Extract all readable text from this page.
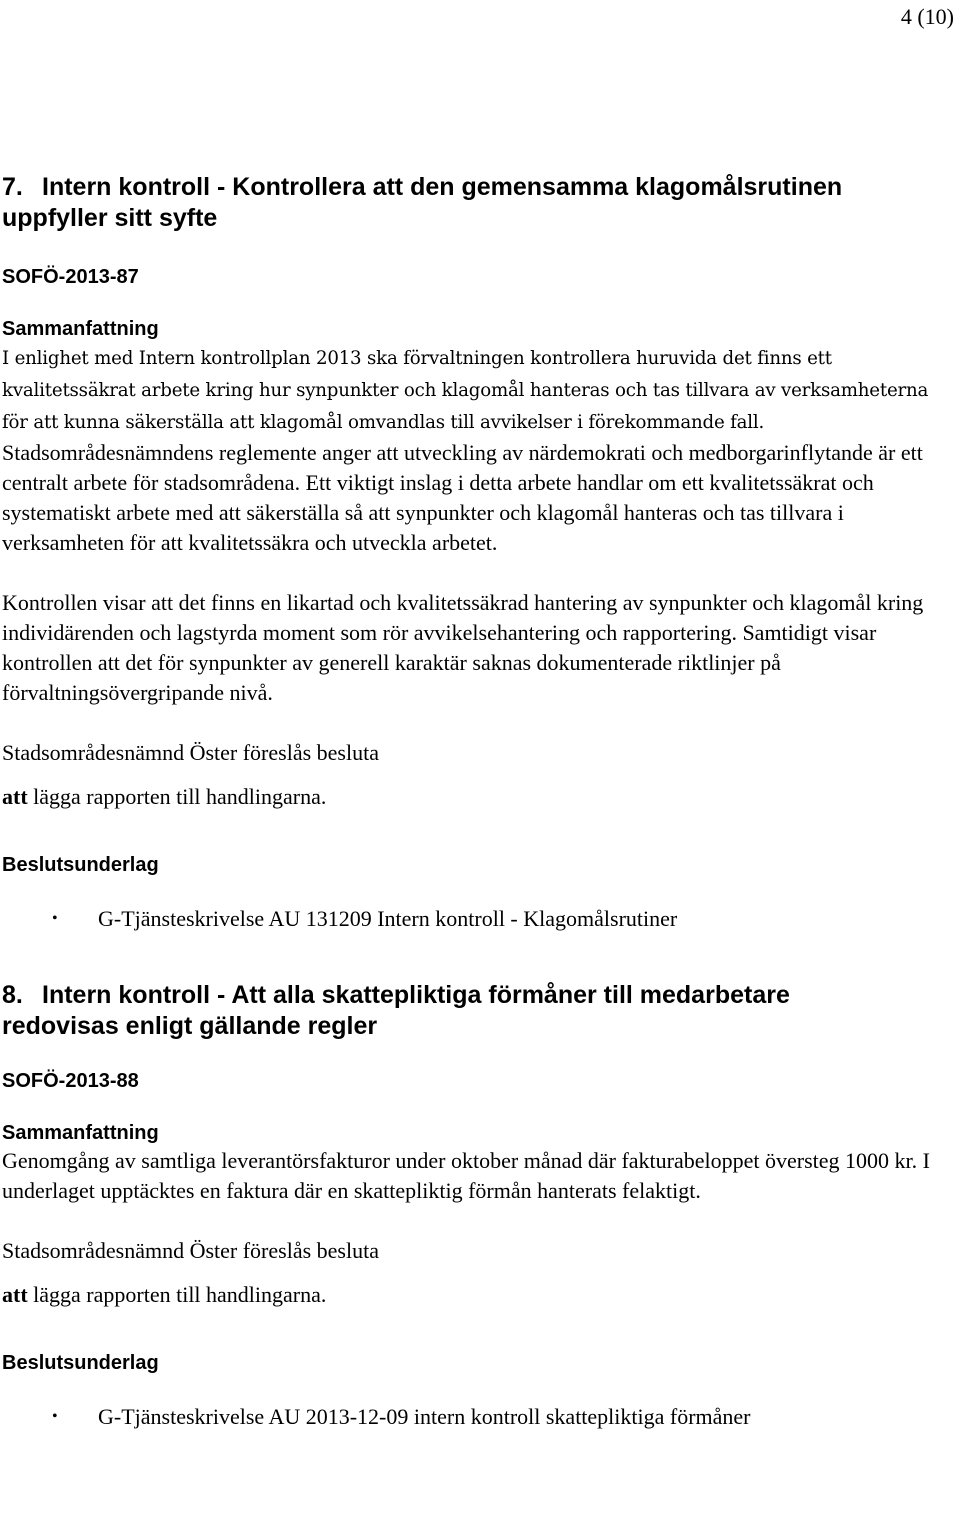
4 (10)
7. Intern kontroll - Kontrollera att den gemensamma klagomålsrutinen
uppfyller sitt syfte

SOFÖ-2013-87

Sammanfattning

I enlighet med Intern kontrollplan 2013 ska förvaltningen kontrollera huruvida det finns ett kvalitetssäkrat arbete kring hur synpunkter och klagomål hanteras och tas tillvara av verksamheterna för att kunna säkerställa att klagomål omvandlas till avvikelser i förekommande fall. Stadsområdesnämndens reglemente anger att utveckling av närdemokrati och medborgarinflytande är ett centralt arbete för stadsområdena. Ett viktigt inslag i detta arbete handlar om ett kvalitetssäkrat och systematiskt arbete med att säkerställa så att synpunkter och klagomål hanteras och tas tillvara i verksamheten för att kvalitetssäkra och utveckla arbetet.

Kontrollen visar att det finns en likartad och kvalitetssäkrad hantering av synpunkter och klagomål kring individärenden och lagstyrda moment som rör avvikelsehantering och rapportering. Samtidigt visar kontrollen att det för synpunkter av generell karaktär saknas dokumenterade riktlinjer på förvaltningsövergripande nivå.

Stadsområdesnämnd Öster föreslås besluta

att lägga rapporten till handlingarna.

Beslutsunderlag

• G-Tjänsteskrivelse AU 131209 Intern kontroll - Klagomålsrutiner
8. Intern kontroll - Att alla skattepliktiga förmåner till medarbetare
redovisas enligt gällande regler

SOFÖ-2013-88

Sammanfattning

Genomgång av samtliga leverantörsfakturor under oktober månad där fakturabeloppet översteg 1000 kr. I underlaget upptäcktes en faktura där en skattepliktig förmån hanterats felaktigt.

Stadsområdesnämnd Öster föreslås besluta

att lägga rapporten till handlingarna.

Beslutsunderlag

• G-Tjänsteskrivelse AU 2013-12-09 intern kontroll skattepliktiga förmåner
